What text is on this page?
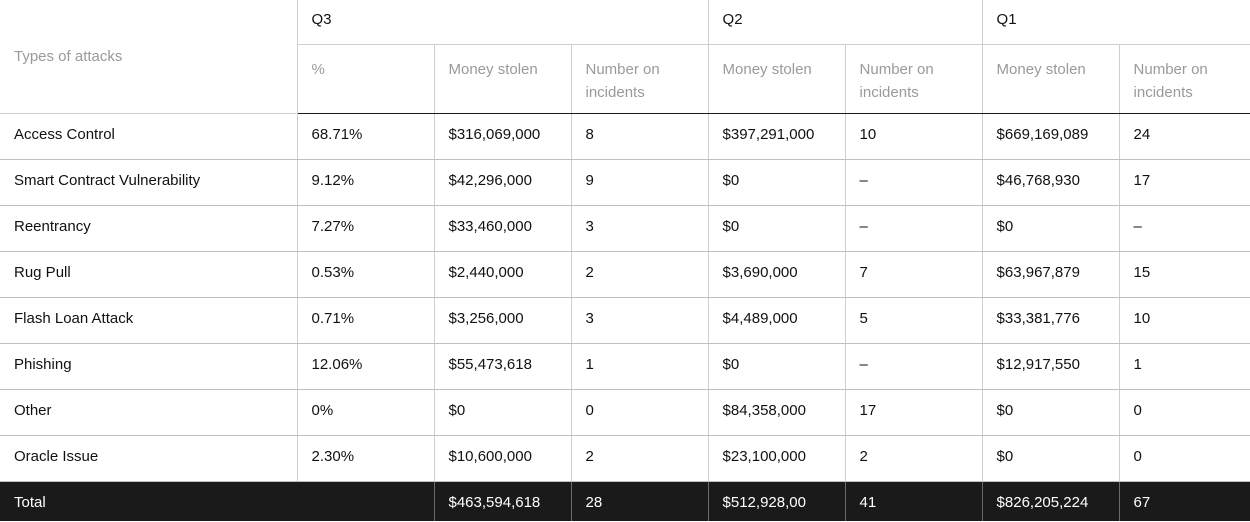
Types of attacks	Q3			Q2		Q1	
	%	Money stolen	Number on incidents	Money stolen	Number on incidents	Money stolen	Number on incidents
Access Control	68.71%	$316,069,000	8	$397,291,000	10	$669,169,089	24
Smart Contract Vulnerability	9.12%	$42,296,000	9	$0	–	$46,768,930	17
Reentrancy	7.27%	$33,460,000	3	$0	–	$0	–
Rug Pull	0.53%	$2,440,000	2	$3,690,000	7	$63,967,879	15
Flash Loan Attack	0.71%	$3,256,000	3	$4,489,000	5	$33,381,776	10
Phishing	12.06%	$55,473,618	1	$0	–	$12,917,550	1
Other	0%	$0	0	$84,358,000	17	$0	0
Oracle Issue	2.30%	$10,600,000	2	$23,100,000	2	$0	0
Total		$463,594,618	28	$512,928,00	41	$826,205,224	67
